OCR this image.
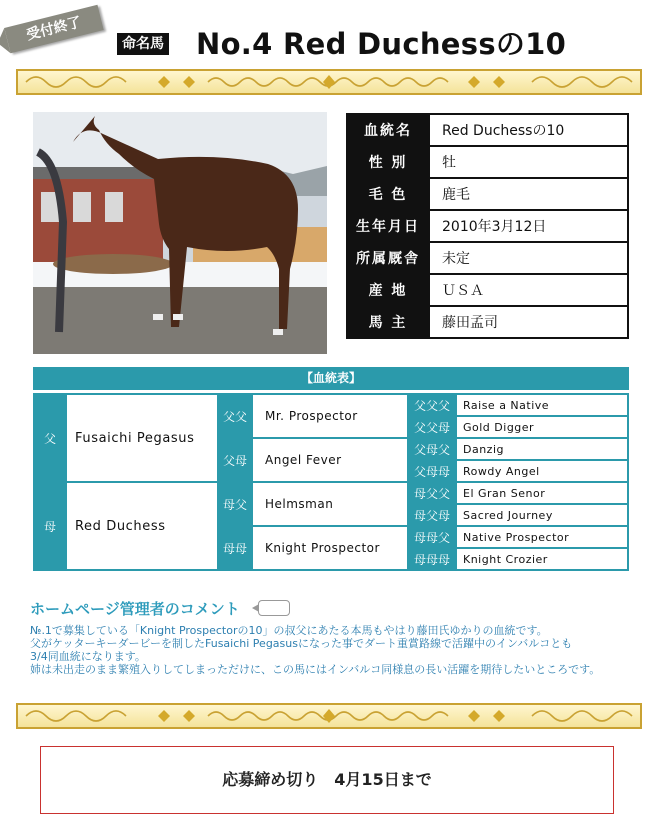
受付終了
命名馬 No.4 Red Duchessの10
血統名	Red Duchessの10
性 別	牡
毛 色	鹿毛
生年月日	2010年3月12日
所属厩舎	未定
産 地	ＵＳＡ
馬 主	藤田孟司
【血統表】
父	Fusaichi Pegasus	父父	Mr. Prospector	父父父	Raise a Native
				父父母	Gold Digger
		父母	Angel Fever	父母父	Danzig
				父母母	Rowdy Angel
母	Red Duchess	母父	Helmsman	母父父	El Gran Senor
				母父母	Sacred Journey
		母母	Knight Prospector	母母父	Native Prospector
				母母母	Knight Crozier
ホームページ管理者のコメント

№.1で募集している「Knight Prospectorの10」の叔父にあたる本馬もやはり藤田氏ゆかりの血統です。

父がケッターキーダービーを制したFusaichi Pegasusになった事でダート重賞路線で活躍中のインバルコとも

3/4同血統になります。

姉は未出走のまま繁殖入りしてしまっただけに、この馬にはインバルコ同様息の長い活躍を期待したいところです。

応募締め切り　4月15日まで
